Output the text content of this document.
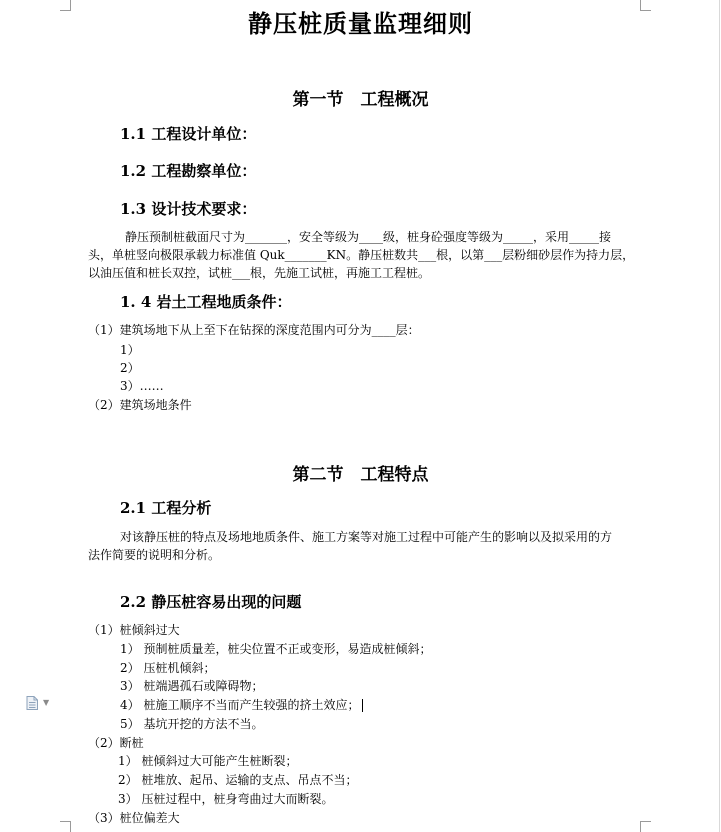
▼
静压桩质量监理细则
第一节　工程概况
1.1 工程设计单位：
1.2 工程勘察单位：
1.3 设计技术要求：
静压预制桩截面尺寸为_______，安全等级为____级，桩身砼强度等级为_____，采用_____接
头，单桩竖向极限承载力标准值 Quk_______KN。静压桩数共___根，以第___层粉细砂层作为持力层，
以油压值和桩长双控，试桩___根，先施工试桩，再施工工程桩。
1. 4 岩土工程地质条件：
（1）建筑场地下从上至下在钻探的深度范围内可分为____层：
1）
2）
3）……
（2）建筑场地条件
第二节　工程特点
2.1 工程分析
对该静压桩的特点及场地地质条件、施工方案等对施工过程中可能产生的影响以及拟采用的方
法作简要的说明和分析。
2.2 静压桩容易出现的问题
（1）桩倾斜过大
1） 预制桩质量差，桩尖位置不正或变形，易造成桩倾斜；
2） 压桩机倾斜；
3） 桩端遇孤石或障碍物；
4） 桩施工顺序不当而产生较强的挤土效应；
5） 基坑开挖的方法不当。
（2）断桩
1） 桩倾斜过大可能产生桩断裂；
2） 桩堆放、起吊、运输的支点、吊点不当；
3） 压桩过程中，桩身弯曲过大而断裂。
（3）桩位偏差大
